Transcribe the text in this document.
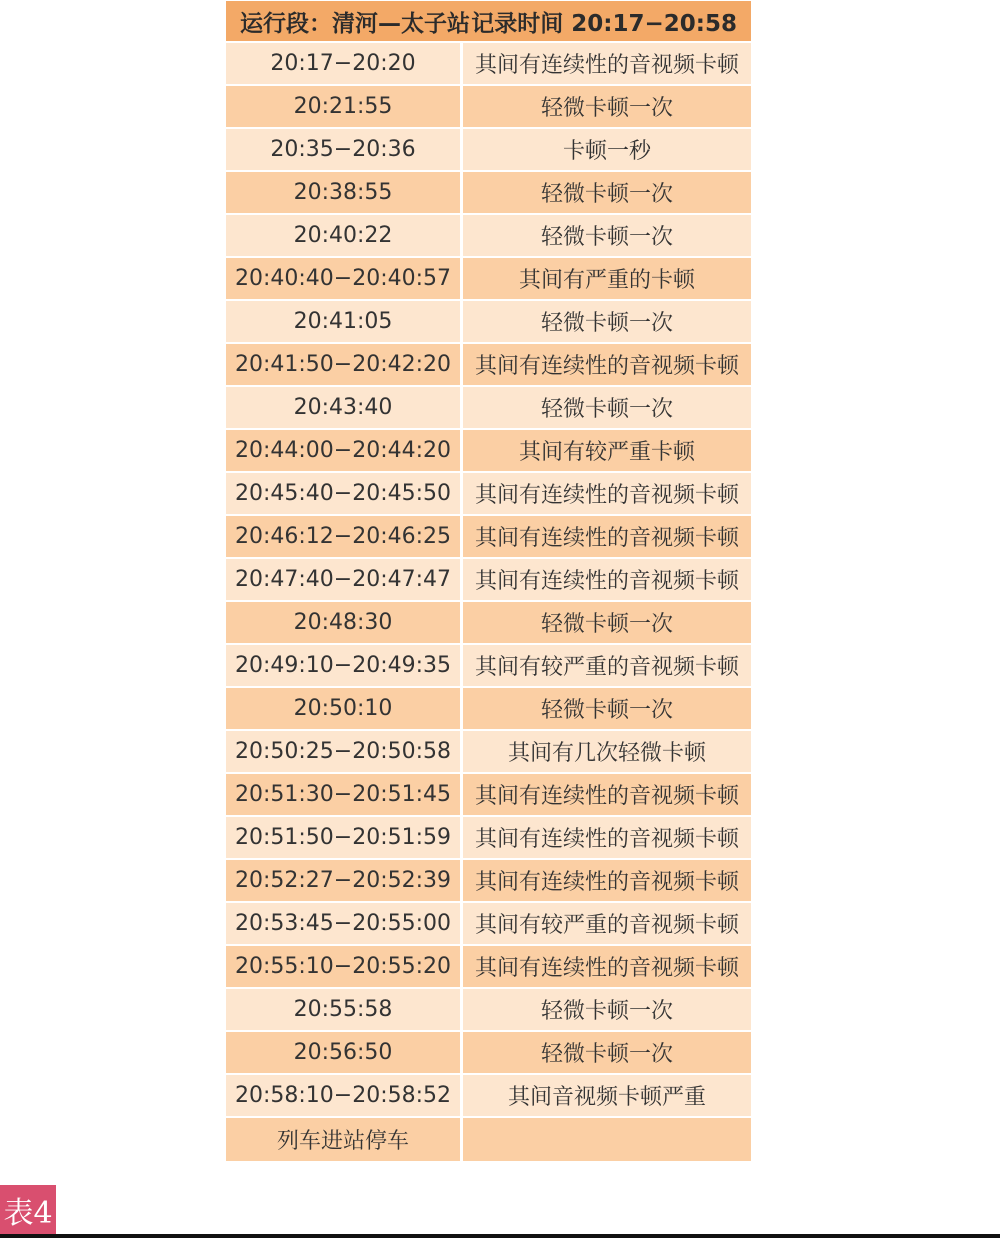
运行段：清河—太子站 记录时间 20:17−20:58
20:17−20:20	其间有连续性的音视频卡顿
20:21:55	轻微卡顿一次
20:35−20:36	卡顿一秒
20:38:55	轻微卡顿一次
20:40:22	轻微卡顿一次
20:40:40−20:40:57	其间有严重的卡顿
20:41:05	轻微卡顿一次
20:41:50−20:42:20	其间有连续性的音视频卡顿
20:43:40	轻微卡顿一次
20:44:00−20:44:20	其间有较严重卡顿
20:45:40−20:45:50	其间有连续性的音视频卡顿
20:46:12−20:46:25	其间有连续性的音视频卡顿
20:47:40−20:47:47	其间有连续性的音视频卡顿
20:48:30	轻微卡顿一次
20:49:10−20:49:35	其间有较严重的音视频卡顿
20:50:10	轻微卡顿一次
20:50:25−20:50:58	其间有几次轻微卡顿
20:51:30−20:51:45	其间有连续性的音视频卡顿
20:51:50−20:51:59	其间有连续性的音视频卡顿
20:52:27−20:52:39	其间有连续性的音视频卡顿
20:53:45−20:55:00	其间有较严重的音视频卡顿
20:55:10−20:55:20	其间有连续性的音视频卡顿
20:55:58	轻微卡顿一次
20:56:50	轻微卡顿一次
20:58:10−20:58:52	其间音视频卡顿严重
列车进站停车
表4
